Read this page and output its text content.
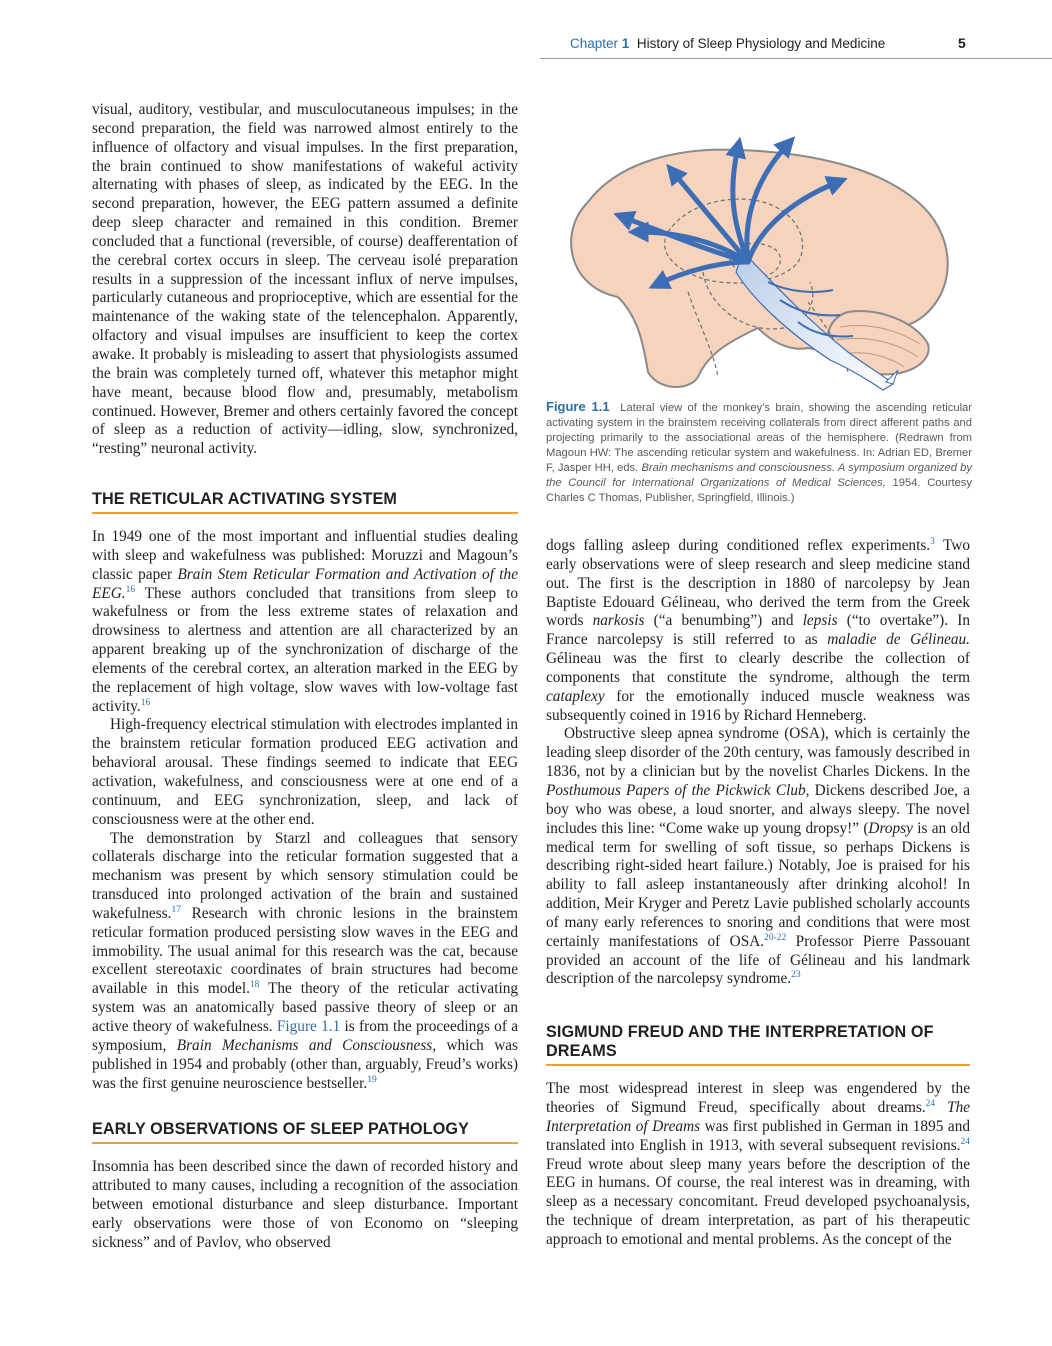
Chapter 1 History of Sleep Physiology and Medicine	5

visual, auditory, vestibular, and musculocutaneous impulses; in the second preparation, the field was narrowed almost entirely to the influence of olfactory and visual impulses. In the first preparation, the brain continued to show manifestations of wakeful activity alternating with phases of sleep, as indicated by the EEG. In the second preparation, however, the EEG pattern assumed a definite deep sleep character and remained in this condition. Bremer concluded that a functional (reversible, of course) deafferentation of the cerebral cortex occurs in sleep. The cerveau isolé preparation results in a suppression of the incessant influx of nerve impulses, particularly cutaneous and proprioceptive, which are essential for the maintenance of the waking state of the telencephalon. Apparently, olfactory and visual impulses are insufficient to keep the cortex awake. It probably is misleading to assert that physiologists assumed the brain was completely turned off, whatever this metaphor might have meant, because blood flow and, presumably, metabolism continued. However, Bremer and others certainly favored the concept of sleep as a reduction of activity—idling, slow, synchronized, “resting” neuronal activity.

THE RETICULAR ACTIVATING SYSTEM

In 1949 one of the most important and influential studies dealing with sleep and wakefulness was published: Moruzzi and Magoun’s classic paper Brain Stem Reticular Formation and Activation of the EEG.$^{16}$ These authors concluded that transitions from sleep to wakefulness or from the less extreme states of relaxation and drowsiness to alertness and attention are all characterized by an apparent breaking up of the synchronization of discharge of the elements of the cerebral cortex, an alteration marked in the EEG by the replacement of high voltage, slow waves with low-voltage fast activity.$^{16}$

High-frequency electrical stimulation with electrodes implanted in the brainstem reticular formation produced EEG activation and behavioral arousal. These findings seemed to indicate that EEG activation, wakefulness, and consciousness were at one end of a continuum, and EEG synchronization, sleep, and lack of consciousness were at the other end.

The demonstration by Starzl and colleagues that sensory collaterals discharge into the reticular formation suggested that a mechanism was present by which sensory stimulation could be transduced into prolonged activation of the brain and sustained wakefulness.$^{17}$ Research with chronic lesions in the brainstem reticular formation produced persisting slow waves in the EEG and immobility. The usual animal for this research was the cat, because excellent stereotaxic coordinates of brain structures had become available in this model.$^{18}$ The theory of the reticular activating system was an anatomically based passive theory of sleep or an active theory of wakefulness. Figure 1.1 is from the proceedings of a symposium, Brain Mechanisms and Consciousness, which was published in 1954 and probably (other than, arguably, Freud’s works) was the first genuine neuroscience bestseller.$^{19}$

EARLY OBSERVATIONS OF SLEEP PATHOLOGY

Insomnia has been described since the dawn of recorded history and attributed to many causes, including a recognition of the association between emotional disturbance and sleep disturbance. Important early observations were those of von Economo on “sleeping sickness” and of Pavlov, who observed

Figure 1.1 Lateral view of the monkey’s brain, showing the ascending reticular activating system in the brainstem receiving collaterals from direct afferent paths and projecting primarily to the associational areas of the hemisphere. (Redrawn from Magoun HW: The ascending reticular system and wakefulness. In: Adrian ED, Bremer F, Jasper HH, eds. Brain mechanisms and consciousness. A symposium organized by the Council for International Organizations of Medical Sciences, 1954. Courtesy Charles C Thomas, Publisher, Springfield, Illinois.)

dogs falling asleep during conditioned reflex experiments.$^3$ Two early observations were of sleep research and sleep medicine stand out. The first is the description in 1880 of narcolepsy by Jean Baptiste Edouard Gélineau, who derived the term from the Greek words narkosis (“a benumbing”) and lepsis (“to overtake”). In France narcolepsy is still referred to as maladie de Gélineau. Gélineau was the first to clearly describe the collection of components that constitute the syndrome, although the term cataplexy for the emotionally induced muscle weakness was subsequently coined in 1916 by Richard Henneberg.

Obstructive sleep apnea syndrome (OSA), which is certainly the leading sleep disorder of the 20th century, was famously described in 1836, not by a clinician but by the novelist Charles Dickens. In the Posthumous Papers of the Pickwick Club, Dickens described Joe, a boy who was obese, a loud snorter, and always sleepy. The novel includes this line: “Come wake up young dropsy!” (Dropsy is an old medical term for swelling of soft tissue, so perhaps Dickens is describing right-sided heart failure.) Notably, Joe is praised for his ability to fall asleep instantaneously after drinking alcohol! In addition, Meir Kryger and Peretz Lavie published scholarly accounts of many early references to snoring and conditions that were most certainly manifestations of OSA.$^{20-22}$ Professor Pierre Passouant provided an account of the life of Gélineau and his landmark description of the narcolepsy syndrome.$^{23}$

SIGMUND FREUD AND THE INTERPRETATION OF DREAMS

The most widespread interest in sleep was engendered by the theories of Sigmund Freud, specifically about dreams.$^{24}$ The Interpretation of Dreams was first published in German in 1895 and translated into English in 1913, with several subsequent revisions.$^{24}$ Freud wrote about sleep many years before the description of the EEG in humans. Of course, the real interest was in dreaming, with sleep as a necessary concomitant. Freud developed psychoanalysis, the technique of dream interpretation, as part of his therapeutic approach to emotional and mental problems. As the concept of the
